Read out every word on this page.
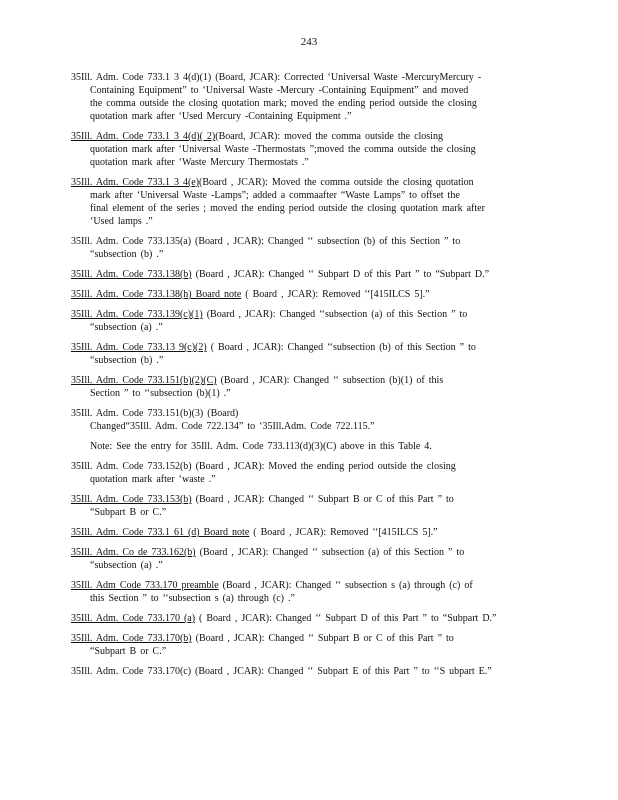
243
35Ill. Adm. Code 733.1 3 4(d)(1) (Board, JCAR): Corrected ‘Universal Waste -MercuryMercury -
Containing Equipment” to ‘Universal Waste -Mercury -Containing Equipment” and moved
the comma outside the closing quotation mark; moved the ending period outside the closing
quotation mark after ‘Used Mercury -Containing Equipment .”
35Ill. Adm. Code 733.1 3 4(d)( 2)(Board, JCAR): moved the comma outside the closing
quotation mark after ‘Universal Waste -Thermostats ”;moved the comma outside the closing
quotation mark after ‘Waste Mercury Thermostats .”
35Ill. Adm. Code 733.1 3 4(e)(Board , JCAR): Moved the comma outside the closing quotation
mark after ‘Universal Waste -Lamps”; added a commaafter “Waste Lamps” to offset the
final element of the series ; moved the ending period outside the closing quotation mark after
‘Used lamps .”
35Ill. Adm. Code 733.135(a) (Board , JCAR): Changed ‘‘ subsection (b) of this Section ” to
“subsection (b) .”
35Ill. Adm. Code 733.138(b) (Board , JCAR): Changed ‘‘ Subpart D of this Part ” to “Subpart D.”
35Ill. Adm. Code 733.138(h) Board note ( Board , JCAR): Removed ‘‘[415ILCS 5].”
35Ill. Adm. Code 733.139(c)(1) (Board , JCAR): Changed ‘‘subsection (a) of this Section ” to
“subsection (a) .”
35Ill. Adm. Code 733.13 9(c)(2) ( Board , JCAR): Changed ‘‘subsection (b) of this Section ” to
“subsection (b) .”
35Ill. Adm. Code 733.151(b)(2)(C) (Board , JCAR): Changed ‘‘ subsection (b)(1) of this
Section ” to ‘‘subsection (b)(1) .”
35Ill. Adm. Code 733.151(b)(3) (Board)
Changed“35Ill. Adm. Code 722.134” to ‘35Ill.Adm. Code 722.115.”
Note: See the entry for 35Ill. Adm. Code 733.113(d)(3)(C) above in this Table 4.
35Ill. Adm. Code 733.152(b) (Board , JCAR): Moved the ending period outside the closing
quotation mark after ‘waste .”
35Ill. Adm. Code 733.153(b) (Board , JCAR): Changed ‘‘ Subpart B or C of this Part ” to
“Subpart B or C.”
35Ill. Adm. Code 733.1 61 (d) Board note ( Board , JCAR): Removed ‘‘[415ILCS 5].”
35Ill. Adm. Co de 733.162(b) (Board , JCAR): Changed ‘‘ subsection (a) of this Section ” to
“subsection (a) .”
35Ill. Adm Code 733.170 preamble (Board , JCAR): Changed ‘‘ subsection s (a) through (c) of
this Section ” to ‘‘subsection s (a) through (c) .”
35Ill. Adm. Code 733.170 (a) ( Board , JCAR): Changed ‘‘ Subpart D of this Part ” to “Subpart D.”
35Ill. Adm. Code 733.170(b) (Board , JCAR): Changed ‘‘ Subpart B or C of this Part ” to
“Subpart B or C.”
35Ill. Adm. Code 733.170(c) (Board , JCAR): Changed ‘‘ Subpart E of this Part ” to ‘‘S ubpart E.”
